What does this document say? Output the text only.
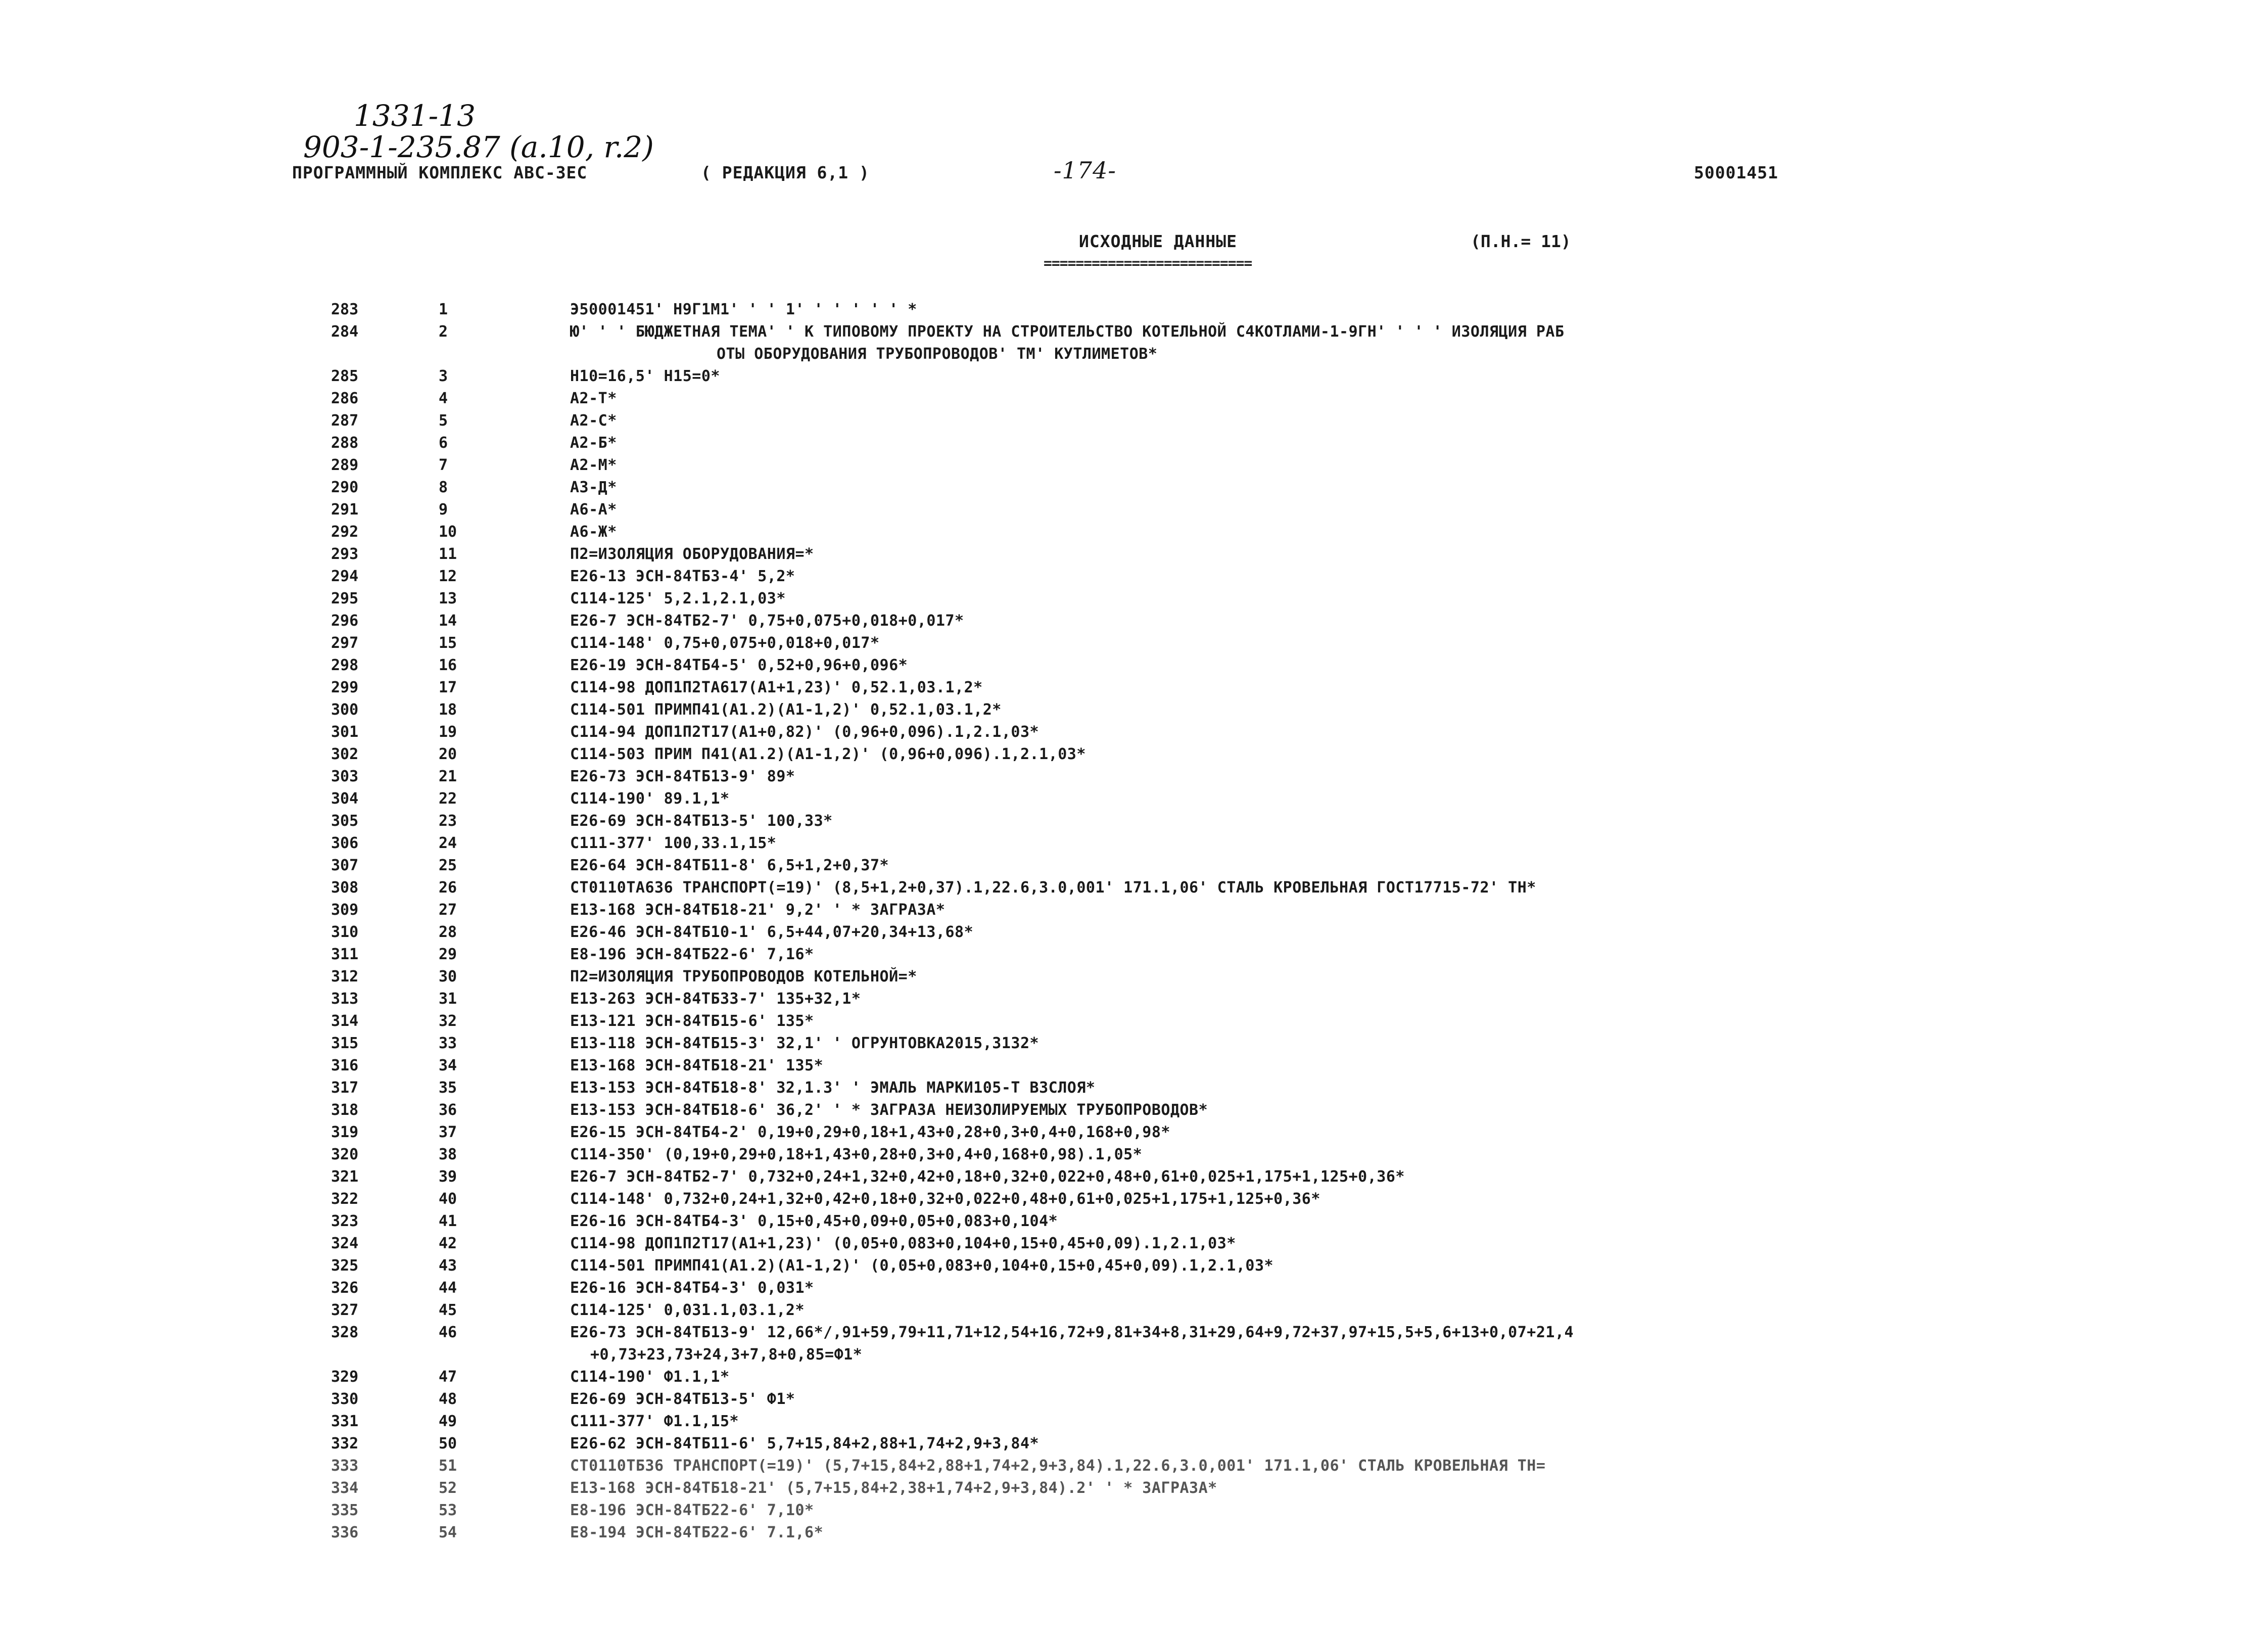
1331-13
903-1-235.87 (a.10, r.2)
ПРОГРАММНЫЙ КОМПЛЕКС АВС-ЗЕС	( РЕДАКЦИЯ 6,1 )	-174-	50001451
ИСХОДНЫЕ ДАННЫЕ	(П.Н.= 11)
==========================
283	1	Э50001451' Н9Г1М1' ' ' 1' ' ' ' ' ' *
284	2	Ю' ' ' БЮДЖЕТНАЯ ТЕМА' ' К ТИПОВОМУ ПРОЕКТУ НА СТРОИТЕЛЬСТВО КОТЕЛЬНОЙ С4КОТЛАМИ-1-9ГН' ' ' ' ИЗОЛЯЦИЯ РАБ
ОТЫ ОБОРУДОВАНИЯ ТРУБОПРОВОДОВ' ТМ' КУТЛИМЕТОВ*
285	3	Н10=16,5' Н15=0*
286	4	А2-Т*
287	5	А2-С*
288	6	А2-Б*
289	7	А2-М*
290	8	А3-Д*
291	9	А6-А*
292	10	А6-Ж*
293	11	П2=ИЗОЛЯЦИЯ ОБОРУДОВАНИЯ=*
294	12	Е26-13 ЭСН-84ТБ3-4' 5,2*
295	13	С114-125' 5,2.1,2.1,03*
296	14	Е26-7 ЭСН-84ТБ2-7' 0,75+0,075+0,018+0,017*
297	15	С114-148' 0,75+0,075+0,018+0,017*
298	16	Е26-19 ЭСН-84ТБ4-5' 0,52+0,96+0,096*
299	17	С114-98 ДОП1П2ТА617(А1+1,23)' 0,52.1,03.1,2*
300	18	С114-501 ПРИМП41(А1.2)(А1-1,2)' 0,52.1,03.1,2*
301	19	С114-94 ДОП1П2Т17(А1+0,82)' (0,96+0,096).1,2.1,03*
302	20	С114-503 ПРИМ П41(А1.2)(А1-1,2)' (0,96+0,096).1,2.1,03*
303	21	Е26-73 ЭСН-84ТБ13-9' 89*
304	22	С114-190' 89.1,1*
305	23	Е26-69 ЭСН-84ТБ13-5' 100,33*
306	24	С111-377' 100,33.1,15*
307	25	Е26-64 ЭСН-84ТБ11-8' 6,5+1,2+0,37*
308	26	СТ0110ТА636 ТРАНСПОРТ(=19)' (8,5+1,2+0,37).1,22.6,3.0,001' 171.1,06' СТАЛЬ КРОВЕЛЬНАЯ ГОСТ17715-72' ТН*
309	27	Е13-168 ЭСН-84ТБ18-21' 9,2' ' * ЗАГРАЗА*
310	28	Е26-46 ЭСН-84ТБ10-1' 6,5+44,07+20,34+13,68*
311	29	Е8-196 ЭСН-84ТБ22-6' 7,16*
312	30	П2=ИЗОЛЯЦИЯ ТРУБОПРОВОДОВ КОТЕЛЬНОЙ=*
313	31	Е13-263 ЭСН-84ТБ33-7' 135+32,1*
314	32	Е13-121 ЭСН-84ТБ15-6' 135*
315	33	Е13-118 ЭСН-84ТБ15-3' 32,1' ' ОГРУНТОВКА2015,3132*
316	34	Е13-168 ЭСН-84ТБ18-21' 135*
317	35	Е13-153 ЭСН-84ТБ18-8' 32,1.3' ' ЭМАЛЬ МАРКИ105-Т ВЗСЛОЯ*
318	36	Е13-153 ЭСН-84ТБ18-6' 36,2' ' * ЗАГРАЗА НЕИЗОЛИРУЕМЫХ ТРУБОПРОВОДОВ*
319	37	Е26-15 ЭСН-84ТБ4-2' 0,19+0,29+0,18+1,43+0,28+0,3+0,4+0,168+0,98*
320	38	С114-350' (0,19+0,29+0,18+1,43+0,28+0,3+0,4+0,168+0,98).1,05*
321	39	Е26-7 ЭСН-84ТБ2-7' 0,732+0,24+1,32+0,42+0,18+0,32+0,022+0,48+0,61+0,025+1,175+1,125+0,36*
322	40	С114-148' 0,732+0,24+1,32+0,42+0,18+0,32+0,022+0,48+0,61+0,025+1,175+1,125+0,36*
323	41	Е26-16 ЭСН-84ТБ4-3' 0,15+0,45+0,09+0,05+0,083+0,104*
324	42	С114-98 ДОП1П2Т17(А1+1,23)' (0,05+0,083+0,104+0,15+0,45+0,09).1,2.1,03*
325	43	С114-501 ПРИМП41(А1.2)(А1-1,2)' (0,05+0,083+0,104+0,15+0,45+0,09).1,2.1,03*
326	44	Е26-16 ЭСН-84ТБ4-3' 0,031*
327	45	С114-125' 0,031.1,03.1,2*
328	46	Е26-73 ЭСН-84ТБ13-9' 12,66*/,91+59,79+11,71+12,54+16,72+9,81+34+8,31+29,64+9,72+37,97+15,5+5,6+13+0,07+21,4
+0,73+23,73+24,3+7,8+0,85=Ф1*
329	47	С114-190' Ф1.1,1*
330	48	Е26-69 ЭСН-84ТБ13-5' Ф1*
331	49	С111-377' Ф1.1,15*
332	50	Е26-62 ЭСН-84ТБ11-6' 5,7+15,84+2,88+1,74+2,9+3,84*
333	51	СТ0110ТБ36 ТРАНСПОРТ(=19)' (5,7+15,84+2,88+1,74+2,9+3,84).1,22.6,3.0,001' 171.1,06' СТАЛЬ КРОВЕЛЬНАЯ ТН=
334	52	Е13-168 ЭСН-84ТБ18-21' (5,7+15,84+2,38+1,74+2,9+3,84).2' ' * ЗАГРАЗА*
335	53	Е8-196 ЭСН-84ТБ22-6' 7,10*
336	54	Е8-194 ЭСН-84ТБ22-6' 7.1,6*
